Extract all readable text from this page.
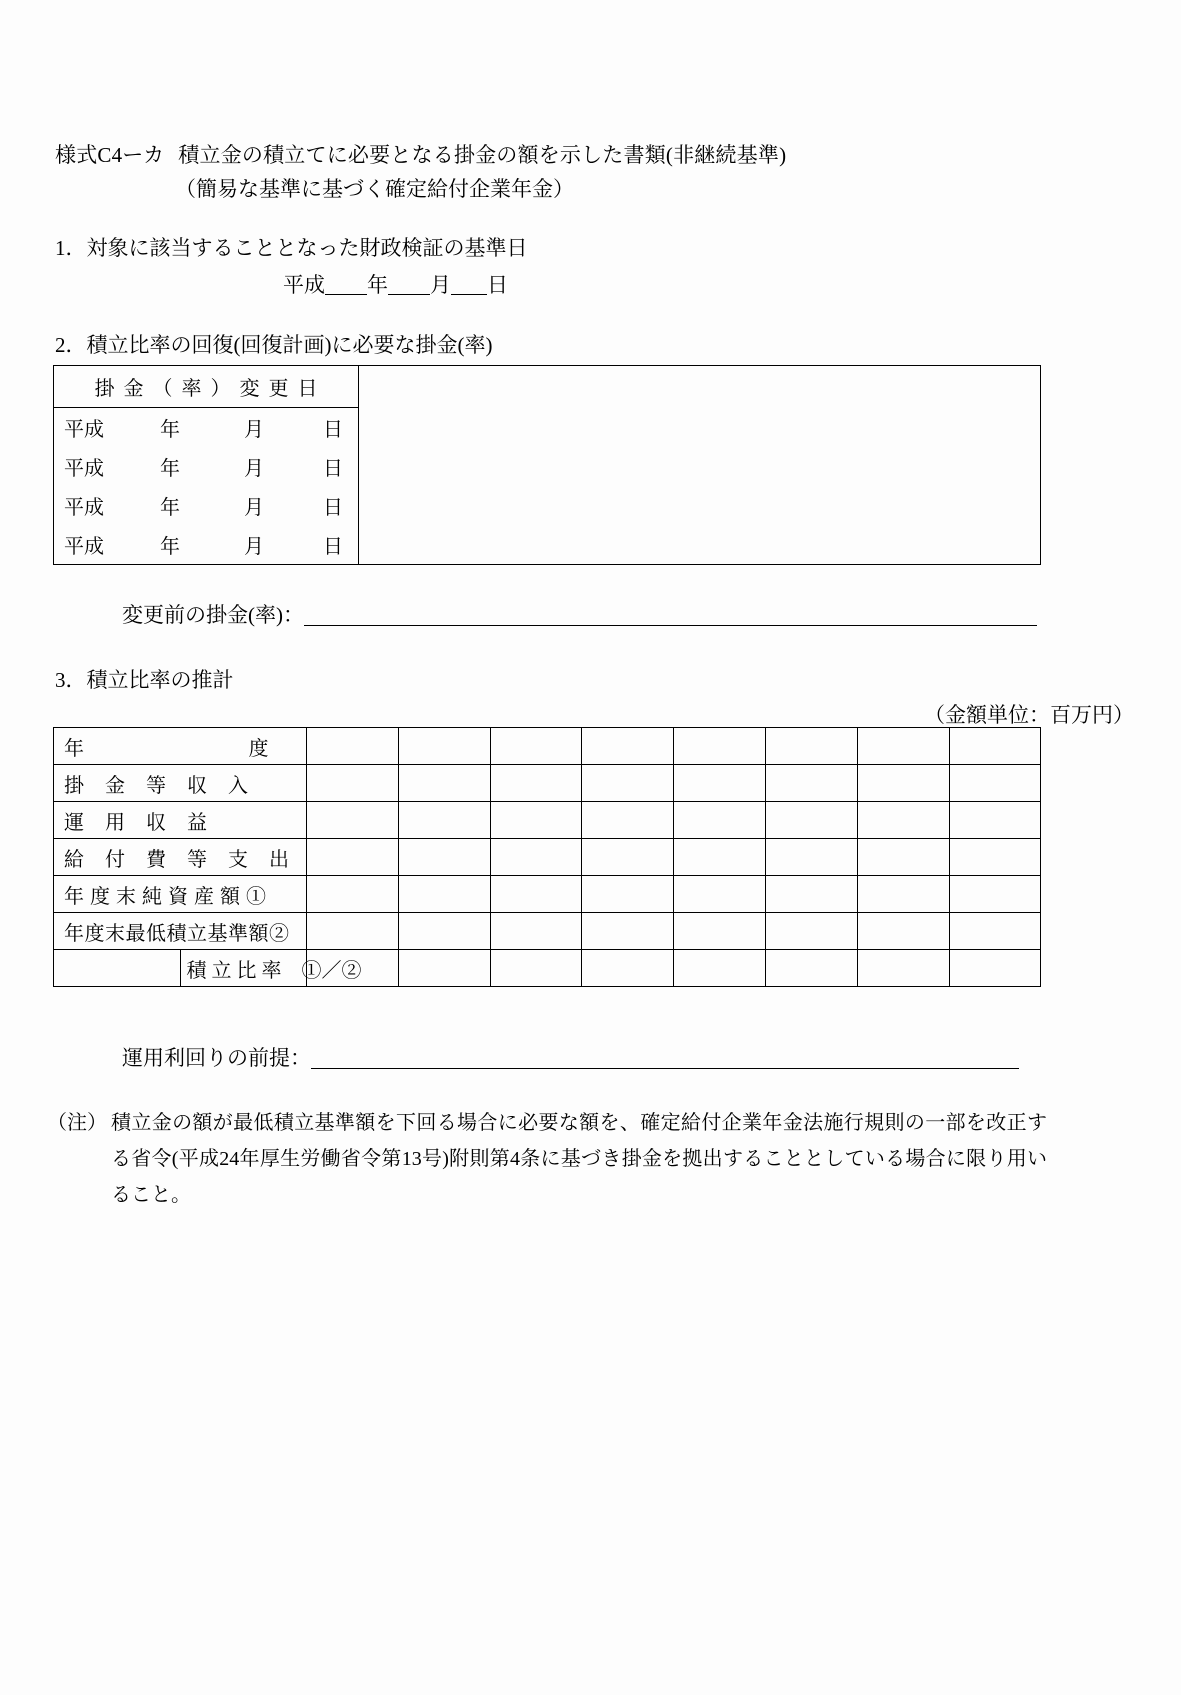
様式C4ーカ 積立金の積立てに必要となる掛金の額を示した書類(非継続基準)
（簡易な基準に基づく確定給付企業年金）
1．対象に該当することとなった財政検証の基準日
平成 年 月 日
2．積立比率の回復(回復計画)に必要な掛金(率)
掛金（率）変更日
平成	年	月	日
平成	年	月	日
平成	年	月	日
平成	年	月	日
変更前の掛金(率)：
3．積立比率の推計
（金額単位：百万円）
年　　　　　　　　度									
掛　金　等　収　入									
運　用　収　益									
給　付　費　等　支　出									
年 度 末 純 資 産 額 ①									
年度末最低積立基準額②									
	積 立 比 率　①／②								
運用利回りの前提：
（注） 積立金の額が最低積立基準額を下回る場合に必要な額を、確定給付企業年金法施行規則の一部を改正する省令(平成24年厚生労働省令第13号)附則第4条に基づき掛金を拠出することとしている場合に限り用いること。
